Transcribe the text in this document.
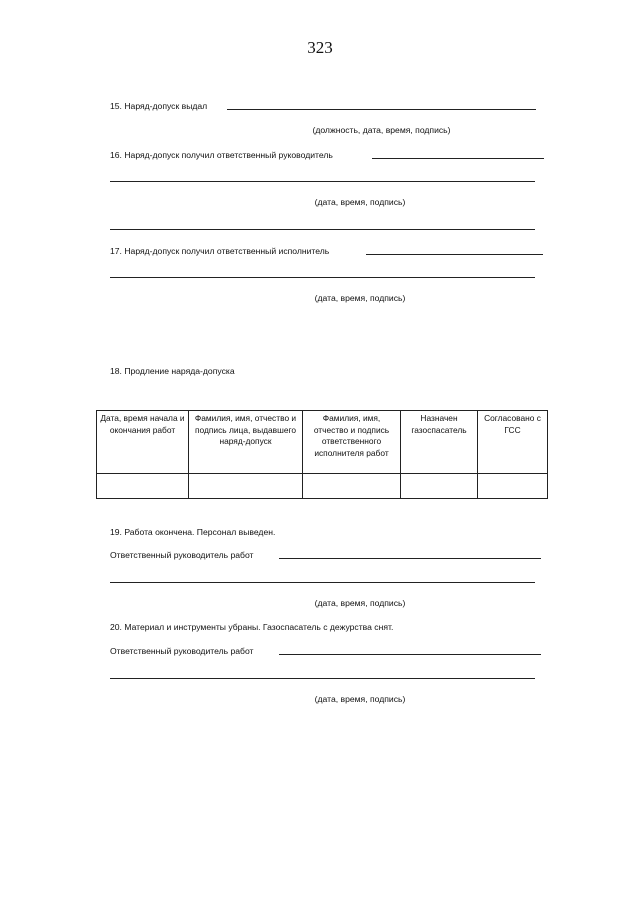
323
15. Наряд-допуск выдал
(должность, дата, время, подпись)
16. Наряд-допуск получил ответственный руководитель
(дата, время, подпись)
17. Наряд-допуск получил ответственный исполнитель
(дата, время, подпись)
18. Продление наряда-допуска
Дата, время начала и окончания работ	Фамилия, имя, отчество и подпись лица, выдавшего наряд-допуск	Фамилия, имя, отчество и подпись ответственного исполнителя работ	Назначен газоспасатель	Согласовано с ГСС

19. Работа окончена. Персонал выведен.
Ответственный руководитель работ
(дата, время, подпись)
20. Материал и инструменты убраны. Газоспасатель с дежурства снят.
Ответственный руководитель работ
(дата, время, подпись)
